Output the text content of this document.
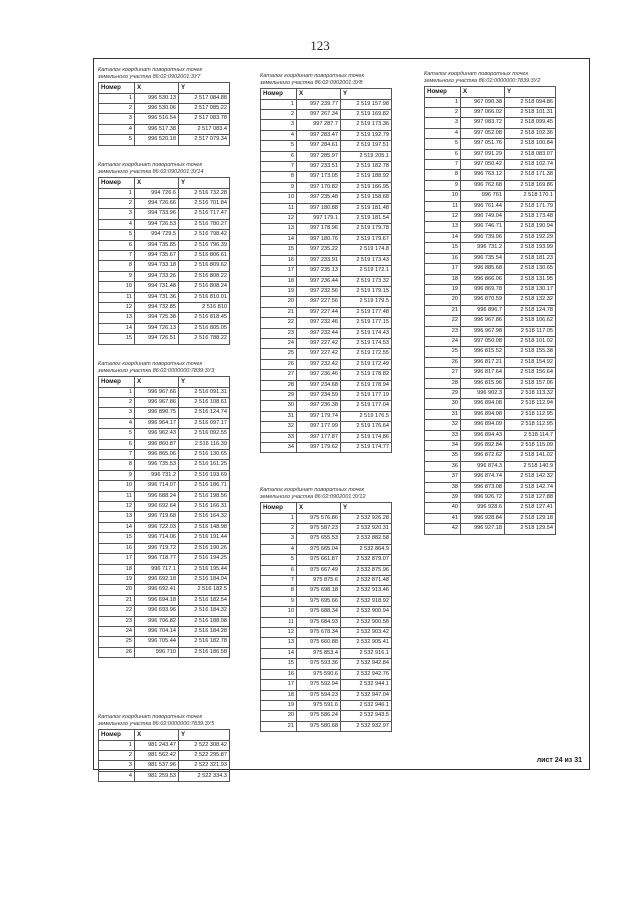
123
Каталог координат поворотных точек
земельного участка 86:02:0902001:3У7
Номер	X	Y
1	996 530.13	2 517 084.88
2	996 530.06	2 517 085.22
3	996 516.54	2 517 083.78
4	996 517.38	2 517 083.4
5	996 520.18	2 517 079.34
Каталог координат поворотных точек
земельного участка 86:02:0902001:3У14
Номер	X	Y
1	994 726.6	2 516 732.28
2	994 726.66	2 516 701.84
3	994 733.96	2 516 717.47
4	994 726.53	2 516 780.27
5	994 729.5	2 516 798.42
6	994 735.85	2 516 796.39
7	994 735.67	2 516 806.61
8	994 733.18	2 516 809.62
9	994 733.26	2 516 808.22
10	994 731.48	2 516 808.24
11	994 731.36	2 516 810.01
12	994 732.85	2 516 810
13	994 725.38	2 516 818.45
14	994 726.13	2 516 805.05
15	994 726.51	2 516 788.22
Каталог координат поворотных точек
земельного участка 86:02:0000000:7839:3У3
Номер	X	Y
1	996 967.66	2 516 091.31
2	996 967.86	2 516 108.61
3	996 890.75	2 516 124.74
4	996 964.17	2 516 097.17
5	996 962.43	2 516 092.55
6	996 860.87	2 516 116.39
7	996 865.06	2 516 130.65
8	996 735.53	2 516 161.25
9	996 731.2	2 516 193.69
10	996 714.07	2 516 186.71
11	996 688.24	2 516 198.56
12	996 692.64	2 516 166.31
13	996 719.68	2 516 164.32
14	996 722.03	2 516 148.98
15	996 714.06	2 516 191.44
16	996 719.72	2 516 190.26
17	996 718.77	2 516 194.25
18	996 717.1	2 516 195.44
19	996 692.18	2 516 184.04
20	996 692.41	2 516 182.5
21	996 694.18	2 516 182.54
22	996 693.96	2 516 184.32
23	996 706.82	2 516 188.08
24	996 704.14	2 516 184.28
25	996 705.44	2 516 182.78
26	996 710	2 516 186.58
Каталог координат поворотных точек
земельного участка 86:02:0000000:7839:3У5
Номер	X	Y
1	981 243.47	2 522 308.42
2	981 562.42	2 522 295.87
3	981 537.96	2 522 321.93
4	981 259.53	2 522 334.3
Каталог координат поворотных точек
земельного участка 86:02:0902001:3У8
Номер	X	Y
1	997 239.77	2 519 157.98
2	997 267.34	2 519 169.82
3	997 287.7	2 519 173.36
4	997 283.47	2 519 192.79
5	997 284.61	2 519 197.51
6	997 285.97	2 519 205.1
7	997 233.51	2 519 182.78
8	997 173.05	2 519 188.92
9	997 170.82	2 519 166.95
10	997 235.48	2 519 158.68
11	997 180.88	2 519 181.48
12	997 179.1	2 519 181.54
13	997 178.96	2 519 179.78
14	997 180.76	2 519 179.67
15	997 235.22	2 519 174.8
16	997 233.91	2 519 173.43
17	997 235.13	2 519 172.1
18	997 236.44	2 519 173.32
19	997 232.56	2 519 179.15
20	997 227.56	2 519 179.5
21	997 227.44	2 519 177.48
22	997 232.46	2 519 177.15
23	997 232.44	2 519 174.43
24	997 227.42	2 519 174.53
25	997 227.42	2 519 172.55
26	997 232.42	2 519 172.49
27	997 236.46	2 519 178.82
28	997 234.68	2 519 178.94
29	997 234.59	2 519 177.19
30	997 236.38	2 519 177.04
31	997 179.74	2 519 176.5
32	997 177.99	2 519 176.64
33	997 177.87	2 519 174.86
34	997 179.62	2 519 174.77
Каталог координат поворотных точек
земельного участка 86:02:0902001:3У12
Номер	X	Y
1	975 576.86	2 532 926.28
2	975 587.23	2 532 920.31
3	975 655.53	2 532 882.58
4	975 665.04	2 532 864.9
5	975 661.87	2 532 879.07
6	975 667.49	2 532 875.96
7	975 875.6	2 532 871.48
8	975 698.18	2 532 913.46
9	975 695.66	2 532 918.92
10	975 688.34	2 532 900.94
11	975 684.93	2 532 900.58
12	975 678.34	2 532 903.42
13	975 660.88	2 532 905.41
14	975 853.4	2 532 916.1
15	975 593.36	2 532 942.84
16	975 590.6	2 532 942.76
17	975 592.94	2 532 944.1
18	975 594.23	2 532 947.04
19	975 591.6	2 532 946.1
20	975 586.24	2 532 943.5
21	975 580.68	2 532 932.97
Каталог координат поворотных точек
земельного участка 86:02:0000000:7839:3У2
Номер	X	Y
1	967 090.38	2 518 094.86
2	997 066.02	2 518 101.31
3	997 083.72	2 518 099.45
4	997 052.08	2 518 102.36
5	997 051.76	2 518 100.84
6	997 091.29	2 518 083.07
7	997 050.42	2 518 102.74
8	996 763.12	2 518 171.38
9	996 762.68	2 518 169.86
10	996 761	2 518 170.1
11	996 761.44	2 518 171.79
12	996 749.04	2 518 173.48
13	996 746.71	2 518 190.94
14	996 739.06	2 518 192.29
15	996 731.2	2 518 193.99
16	996 735.54	2 518 181.23
17	996 885.68	2 518 130.65
18	996 866.06	2 518 131.95
19	996 869.78	2 518 130.17
20	996 870.59	2 518 132.32
21	996 896.7	2 518 124.78
22	996 967.86	2 518 106.62
23	996 967.98	2 518 117.05
24	997 050.08	2 518 101.02
25	996 815.52	2 518 155.38
26	996 817.21	2 518 154.92
27	996 817.64	2 518 156.64
28	996 815.96	2 518 157.06
29	996 902.3	2 518 113.32
30	996 894.08	2 518 112.94
31	996 894.08	2 518 112.95
32	996 894.09	2 518 112.95
33	996 894.43	2 518 114.7
34	996 892.84	2 518 115.09
35	996 872.62	2 518 141.02
36	996 874.3	2 518 140.9
37	996 874.74	2 518 142.32
38	996 873.08	2 518 142.74
39	996 926.72	2 518 127.88
40	996 928.6	2 518 127.41
41	996 928.84	2 518 129.18
42	996 927.18	2 518 129.54
лист 24 из 31
